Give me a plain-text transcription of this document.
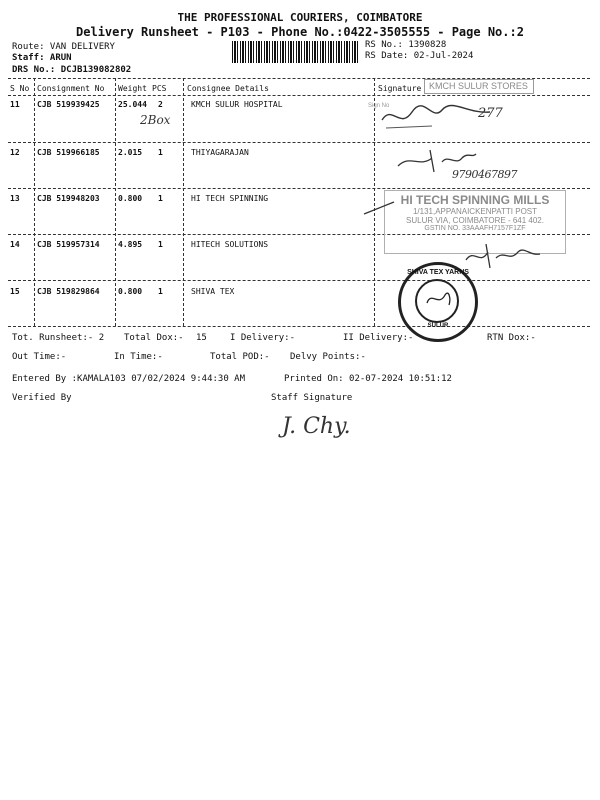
THE PROFESSIONAL COURIERS, COIMBATORE
Delivery Runsheet - P103 - Phone No.:0422-3505555 - Page No.:2
Route: VAN DELIVERY
Staff: ARUN
DRS No.: DCJB139082802
RS No.: 1390828
RS Date: 02-Jul-2024
S No Consignment No Weight PCS	Consignee Details	Signature
11 CJB 519939425 25.044 2	KMCH SULUR HOSPITAL
2Box
12 CJB 519966185 2.015 1	THIYAGARAJAN
13 CJB 519948203 0.800 1	HI TECH SPINNING
14 CJB 519957314 4.895 1	HITECH SOLUTIONS
15 CJB 519829864 0.800 1	SHIVA TEX
KMCH SULUR STORES
Sign No	277
9790467897
HI TECH SPINNING MILLS
1/131,APPANAICKENPATTI POST
SULUR VIA, COIMBATORE - 641 402.
GSTIN NO. 33AAAFH7157F1ZF
SHIVA TEX YARNS
SULUR
Tot. Runsheet:- 2 Total Dox:- 15	I Delivery:-	II Delivery:-	RTN Dox:-
Out Time:-	In Time:-	Total POD:- Delvy Points:-
Entered By :KAMALA103 07/02/2024 9:44:30 AM	Printed On: 02-07-2024 10:51:12
Verified By	Staff Signature
J. Chy.
